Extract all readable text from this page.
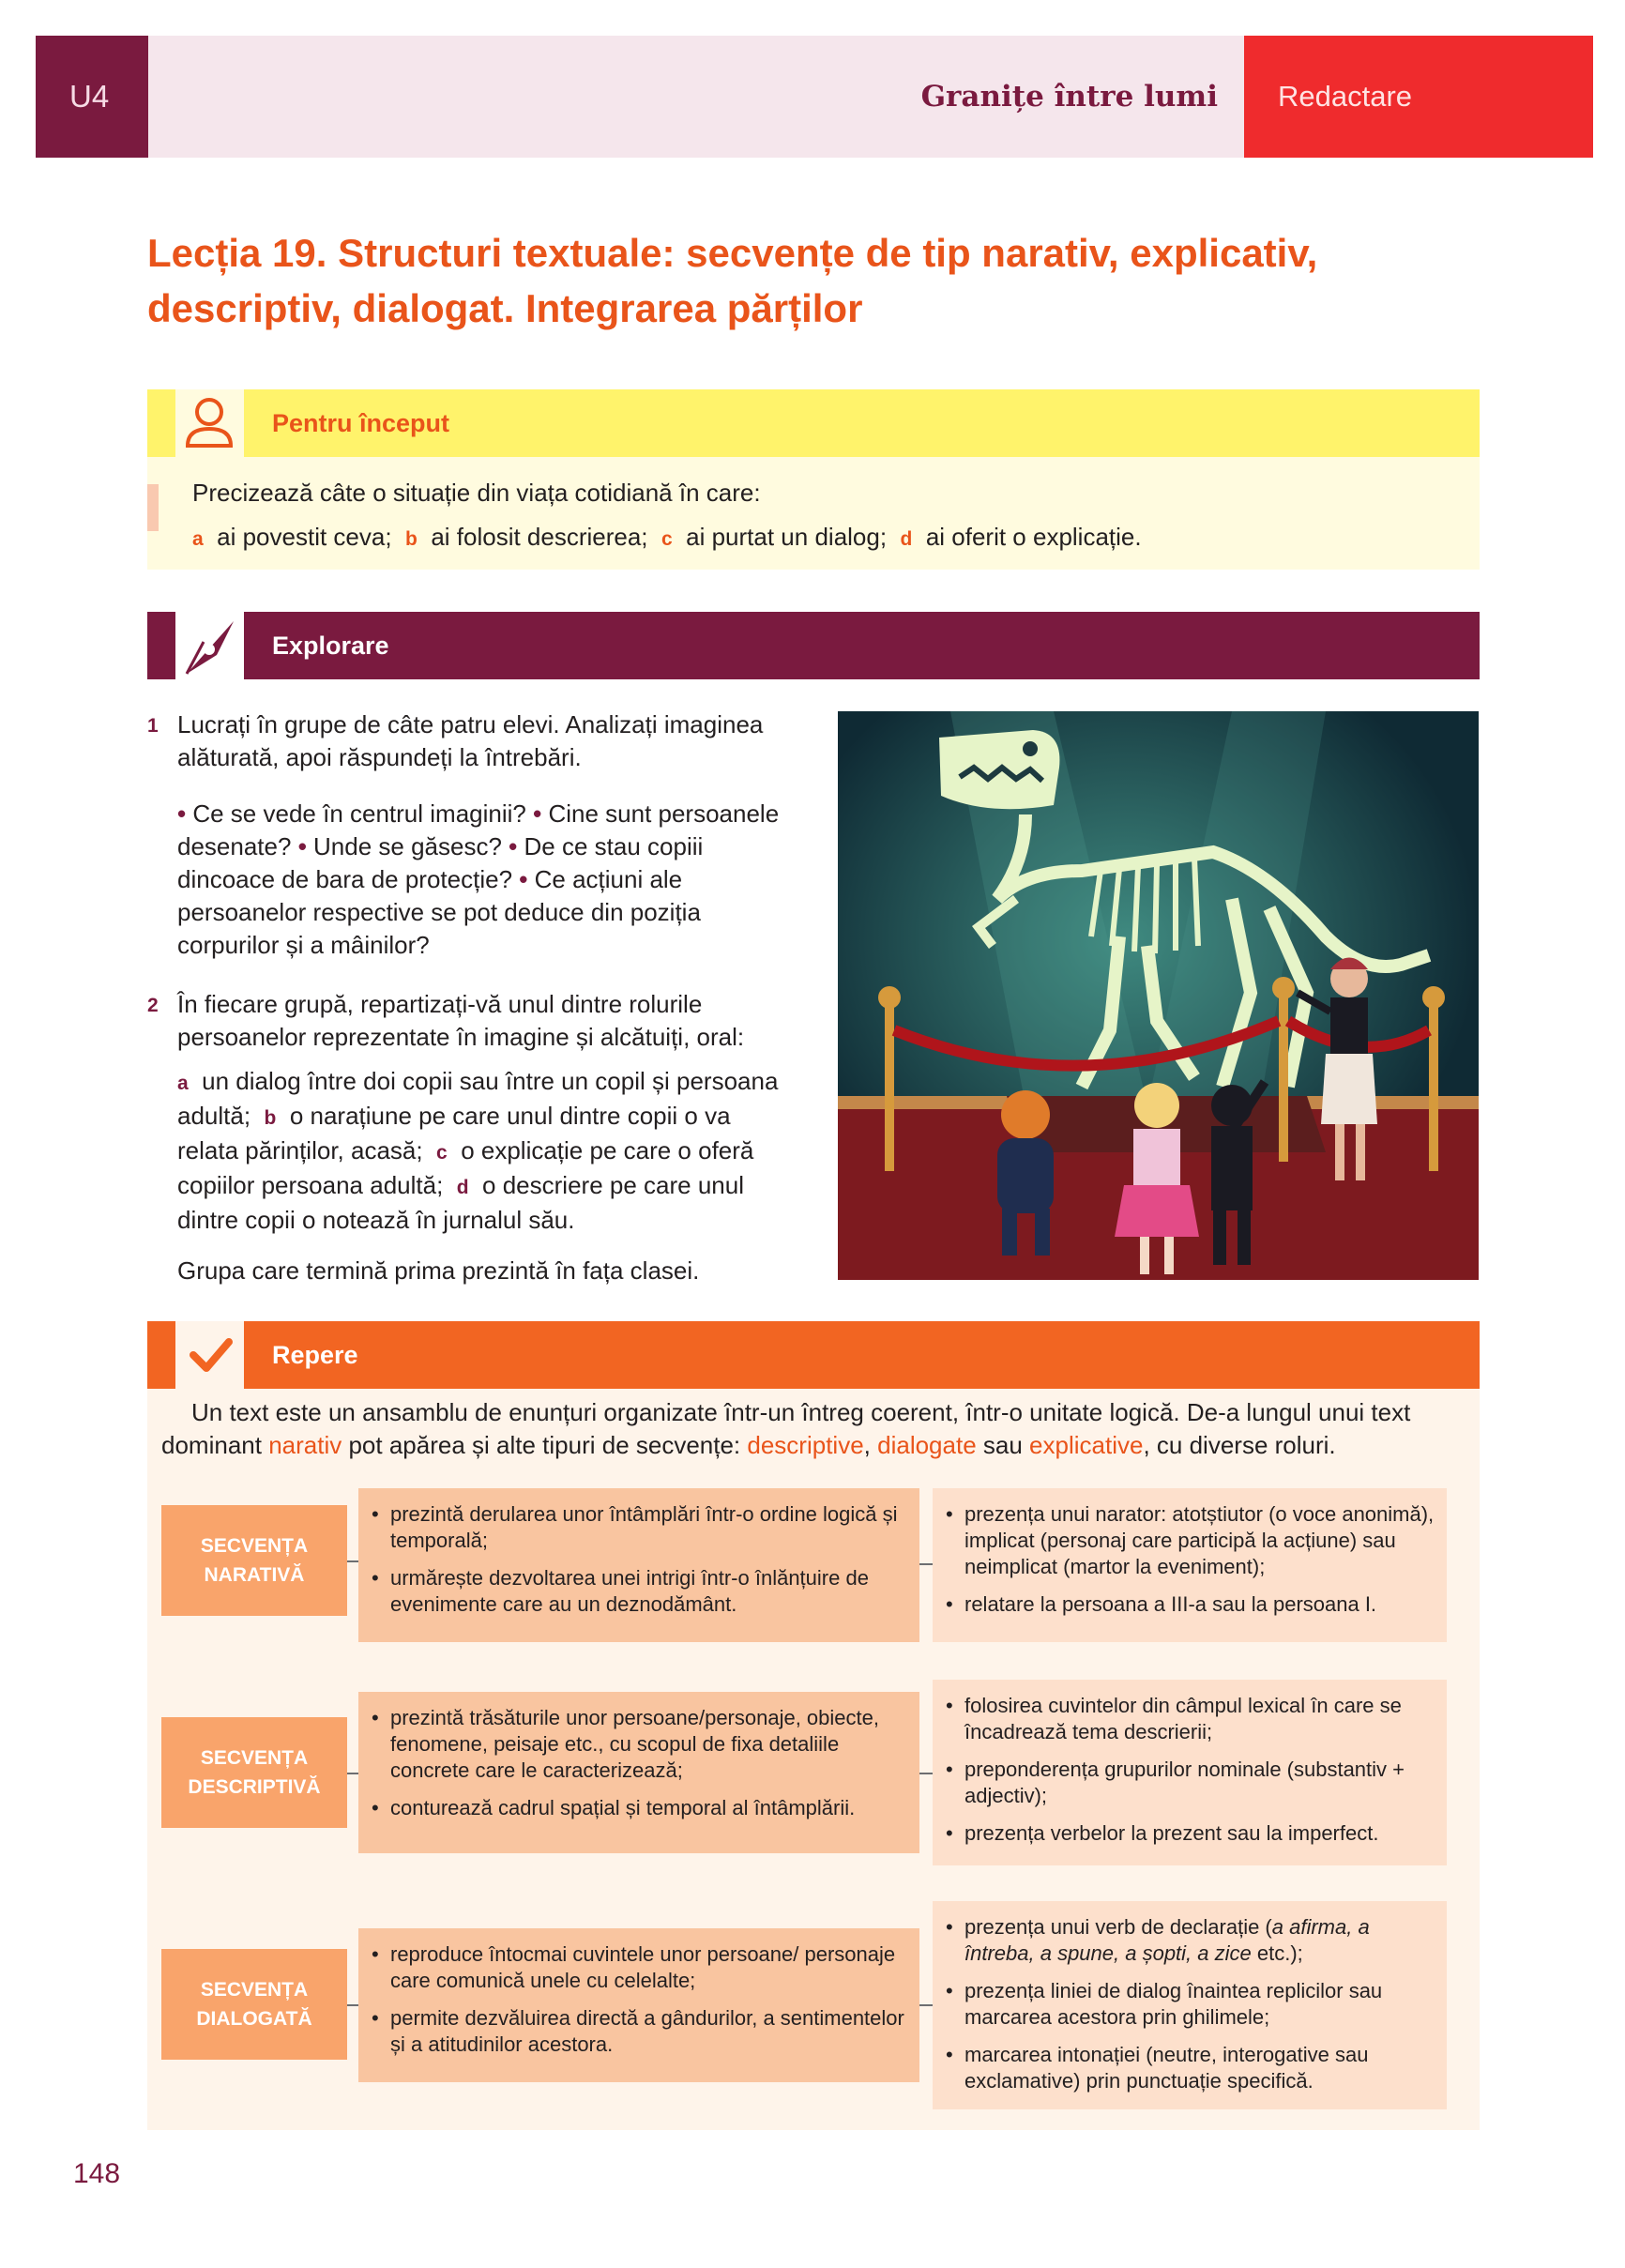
U4	Granițe între lumi Redactare
Lecția 19. Structuri textuale: secvențe de tip narativ, explicativ, descriptiv, dialogat. Integrarea părților
Pentru început
Precizează câte o situație din viața cotidiană în care:
a ai povestit ceva; b ai folosit descrierea; c ai purtat un dialog; d ai oferit o explicație.
Explorare
1 Lucrați în grupe de câte patru elevi. Analizați imaginea alăturată, apoi răspundeți la întrebări.
• Ce se vede în centrul imaginii? • Cine sunt persoanele desenate? • Unde se găsesc? • De ce stau copiii dincoace de bara de protecție? • Ce acțiuni ale persoanelor respective se pot deduce din poziția corpurilor și a mâinilor?
2 În fiecare grupă, repartizați-vă unul dintre rolurile persoanelor reprezentate în imagine și alcătuiți, oral:
a un dialog între doi copii sau între un copil și persoana adultă; b o narațiune pe care unul dintre copii o va relata părinților, acasă; c o explicație pe care o oferă copiilor persoana adultă; d o descriere pe care unul dintre copii o notează în jurnalul său.
Grupa care termină prima prezintă în fața clasei.
Repere
Un text este un ansamblu de enunțuri organizate într-un întreg coerent, într-o unitate logică. De-a lungul unui text dominant narativ pot apărea și alte tipuri de secvențe: descriptive, dialogate sau explicative, cu diverse roluri.
SECVENȚA
NARATIVĂ
• prezintă derularea unor întâmplări într-o ordine logică și temporală;
• urmărește dezvoltarea unei intrigi într-o înlănțuire de evenimente care au un deznodământ.
• prezența unui narator: atotștiutor (o voce anonimă), implicat (personaj care participă la acțiune) sau neimplicat (martor la eveniment);
• relatare la persoana a III-a sau la persoana I.
SECVENȚA
DESCRIPTIVĂ
• prezintă trăsăturile unor persoane/personaje, obiecte, fenomene, peisaje etc., cu scopul de fixa detaliile concrete care le caracterizează;
• conturează cadrul spațial și temporal al întâmplării.
• folosirea cuvintelor din câmpul lexical în care se încadrează tema descrierii;
• preponderența grupurilor nominale (substantiv + adjectiv);
• prezența verbelor la prezent sau la imperfect.
SECVENȚA
DIALOGATĂ
• reproduce întocmai cuvintele unor persoane/ personaje care comunică unele cu celelalte;
• permite dezvăluirea directă a gândurilor, a sentimentelor și a atitudinilor acestora.
• prezența unui verb de declarație (a afirma, a întreba, a spune, a șopti, a zice etc.);
• prezența liniei de dialog înaintea replicilor sau marcarea acestora prin ghilimele;
• marcarea intonației (neutre, interogative sau exclamative) prin punctuație specifică.
148
